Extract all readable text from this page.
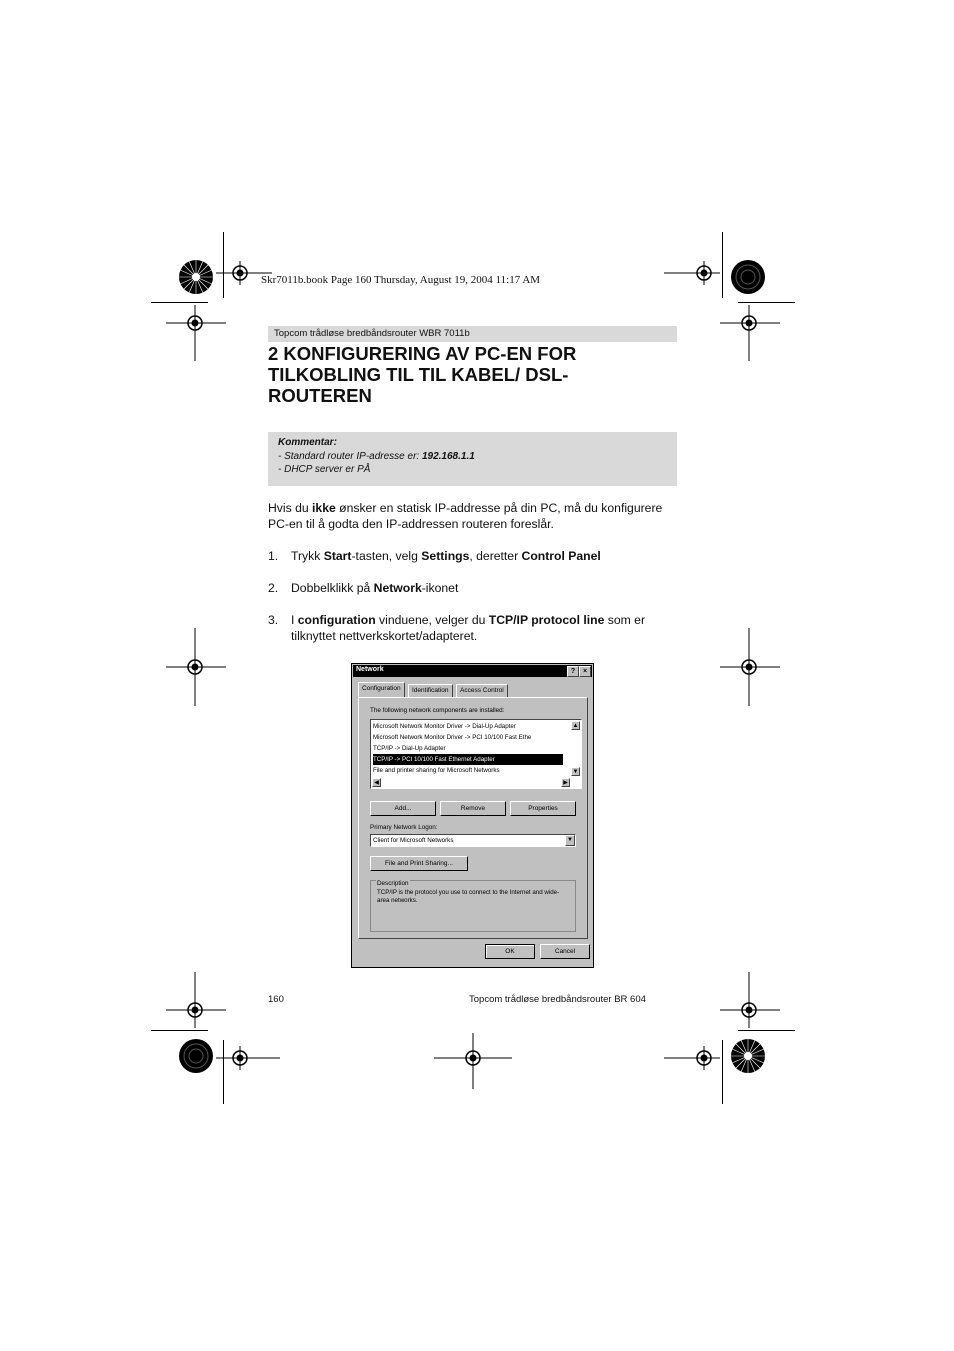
Skr7011b.book Page 160 Thursday, August 19, 2004 11:17 AM
Topcom trådløse bredbåndsrouter WBR 7011b
2 KONFIGURERING AV PC-EN FOR
TILKOBLING TIL TIL KABEL/ DSL-
ROUTEREN
Kommentar:
- Standard router IP-adresse er: 192.168.1.1
- DHCP server er PÅ
Hvis du ikke ønsker en statisk IP-addresse på din PC, må du konfigurere PC-en til å godta den IP-addressen routeren foreslår.
1. Trykk Start-tasten, velg Settings, deretter Control Panel
2. Dobbelklikk på Network-ikonet
3. I configuration vinduene, velger du TCP/IP protocol line som er tilknyttet nettverkskortet/adapteret.
Network	?	×
Configuration	Identification	Access Control
The following network components are installed:
Microsoft Network Monitor Driver -> Dial-Up Adapter
Microsoft Network Monitor Driver -> PCI 10/100 Fast Ethe
TCP/IP -> Dial-Up Adapter
TCP/IP -> PCI 10/100 Fast Ethernet Adapter
File and printer sharing for Microsoft Networks
▲
▼
◀	▶
Add...	Remove	Properties
Primary Network Logon:
Client for Microsoft Networks	▼
File and Print Sharing...
Description
TCP/IP is the protocol you use to connect to the Internet and wide-area networks.
OK	Cancel
160	Topcom trådløse bredbåndsrouter BR 604
